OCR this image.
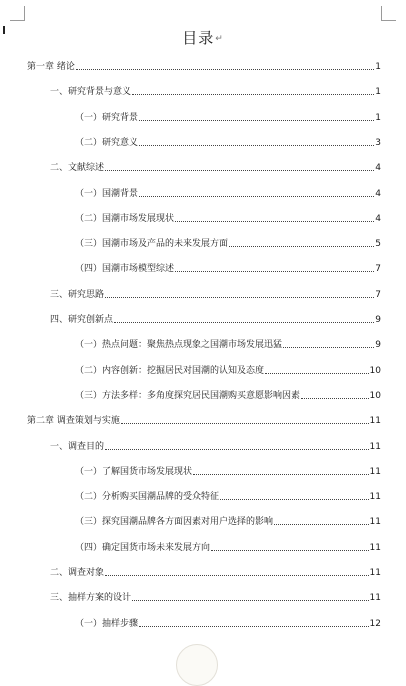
目录↵
第一章 绪论	1
一、研究背景与意义	1
（一）研究背景	1
（二）研究意义	3
二、文献综述	4
（一）国潮背景	4
（二）国潮市场发展现状	4
（三）国潮市场及产品的未来发展方面	5
（四）国潮市场模型综述	7
三、研究思路	7
四、研究创新点	9
（一）热点问题：聚焦热点现象之国潮市场发展迅猛	9
（二）内容创新：挖掘居民对国潮的认知及态度	10
（三）方法多样：多角度探究居民国潮购买意愿影响因素	10
第二章 调查策划与实施	11
一、调查目的	11
（一）了解国货市场发展现状	11
（二）分析购买国潮品牌的受众特征	11
（三）探究国潮品牌各方面因素对用户选择的影响	11
（四）确定国货市场未来发展方向	11
二、调查对象	11
三、抽样方案的设计	11
（一）抽样步骤	12
